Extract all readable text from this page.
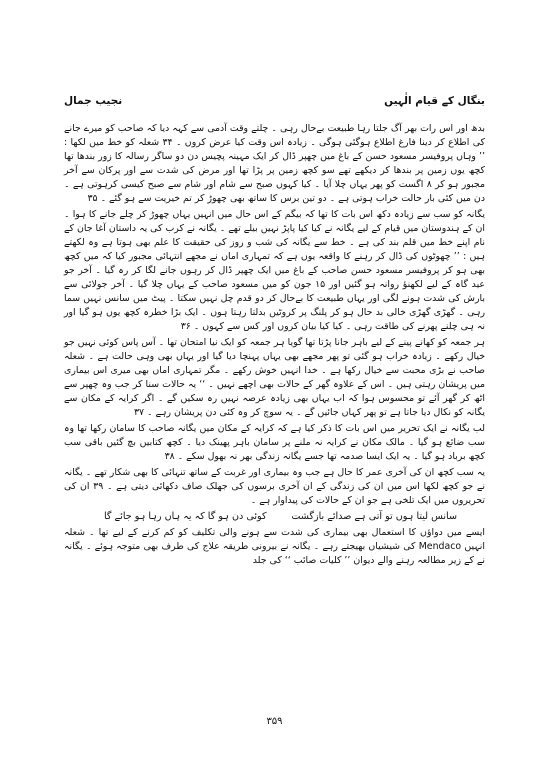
بنگال کے قیام الٰہیں
نجیب جمال

بدھ اور اس رات بھر آگ جلتا رہا طبیعت بےحال رہی ۔ چلتے وقت آدمی سے کہہ دیا کہ صاحب کو میرے جانے کی اطلاع کر دینا فارغ اطلاع ہوگئی ہوگی ۔ زیادہ اس وقت کیا عرض کروں ۔ ۳۴ شعلہ کو خط میں لکھا : ’’ وہاں پروفیسر مسعود حسن کے باغ میں چھپر ڈال کر ایک مہینہ پچیس دن دو ساگر رسالہ کا زور بندھا تھا کچھ یوں زمین پر بندھا کر دیکھے تھے سو کچھ زمین پر پڑا تھا اور مرض کی شدت سے اور پرکان سے آخر مجبور ہو کر ۸ اگست کو پھر یہاں چلا آیا ۔ کیا کہوں صبح سے شام اور شام سے صبح کیسی کرہوتی ہے ۔ دن میں کئی بار حالت خراب ہوتی ہے ۔ دو تین برس کا ساتھ بھی چھوڑ کر تم خیریت سے ہو گئے ۔ ۳۵

یگانہ کو سب سے زیادہ دکھ اس بات کا تھا کہ بیگم کے اس حال میں انہیں یہاں چھوڑ کر چلے جانے کا ہوا ۔ ان کے ہندوستان میں قیام کے لیے یگانہ نے کیا کیا پاپڑ نہیں بیلے تھے ۔ یگانہ نے کرب کی یہ داستان آغا جان کے نام اپنے خط میں قلم بند کی ہے ۔ خط سے یگانہ کی شب و روز کی حقیقت کا علم بھی ہوتا ہے وہ لکھتے ہیں : ’’ چھوٹوں کی ڈال کر رہنے کا واقعہ یوں ہے کہ تمہاری اماں نے مجھے انتہائی مجبور کیا کہ میں کچھ بھی ہو کر پروفیسر مسعود حسن صاحب کے باغ میں ایک چھپر ڈال کر رہوں جانے لگا کر رہ گیا ۔ آخر جو عید گاہ کے لیے لکھنؤ روانہ ہو گئیں اور ۱۵ جون کو میں مسعود صاحب کے یہاں چلا گیا ۔ آخر جولائی سے بارش کی شدت ہونے لگی اور یہاں طبیعت کا بےحال کر دو قدم چل نہیں سکتا ۔ پیٹ میں سانس نہیں سما رہی ۔ گھڑی گھڑی خالی بد حال ہو کر پلنگ پر کروٹیں بدلتا رہتا ہوں ۔ ایک بڑا خطرہ کچھ یوں ہو گیا اور نہ ہی چلنے پھرنے کی طاقت رہی ۔ کیا کیا بیان کروں اور کس سے کہوں ۔ ۳۶

ہر جمعہ کو کھانے پینے کے لیے باہر جانا پڑتا تھا گویا ہر جمعہ کو ایک نیا امتحان تھا ۔ آس پاس کوئی نہیں جو خیال رکھے ۔ زیادہ خراب ہو گئی تو پھر مجھے بھی یہاں پہنچا دیا گیا اور یہاں بھی وہی حالت ہے ۔ شعلہ صاحب نے بڑی محبت سے خیال رکھا ہے ۔ خدا انہیں خوش رکھے ۔ مگر تمہاری اماں بھی میری اس بیماری میں پریشان رہتی ہیں ۔ اس کے علاوہ گھر کے حالات بھی اچھے نہیں ۔ ‘‘ یہ حالات سنا کر جب وہ چھپر سے اٹھ کر گھر آئے تو محسوس ہوا کہ اب یہاں بھی زیادہ عرصہ نہیں رہ سکیں گے ۔ اگر کرایہ کے مکان سے یگانہ کو نکال دیا جاتا ہے تو پھر کہاں جائیں گے ۔ یہ سوچ کر وہ کئی دن پریشان رہے ۔ ۳۷

لب یگانہ نے ایک تحریر میں اس بات کا ذکر کیا ہے کہ کرایہ کے مکان میں یگانہ صاحب کا سامان رکھا تھا وہ سب ضائع ہو گیا ۔ مالک مکان نے کرایہ نہ ملنے پر سامان باہر پھینک دیا ۔ کچھ کتابیں بچ گئیں باقی سب کچھ برباد ہو گیا ۔ یہ ایک ایسا صدمہ تھا جسے یگانہ زندگی بھر نہ بھول سکے ۔ ۳۸

یہ سب کچھ ان کی آخری عمر کا حال ہے جب وہ بیماری اور غربت کے ساتھ تنہائی کا بھی شکار تھے ۔ یگانہ نے جو کچھ لکھا اس میں ان کی زندگی کے ان آخری برسوں کی جھلک صاف دکھائی دیتی ہے ۔ ۳۹ ان کی تحریروں میں ایک تلخی ہے جو ان کے حالات کی پیداوار ہے ۔

سانس لیتا ہوں تو آتی ہے صدائے بازگشت
کوئی دن ہو گا کہ یہ ہاں رہا ہو جائے گا

ایسے میں دواؤں کا استعمال بھی بیماری کی شدت سے ہونے والی تکلیف کو کم کرنے کے لیے تھا ۔ شعلہ انہیں Mendaco کی شیشیاں بھیجتے رہے ۔ یگانہ نے بیرونی طریقہ علاج کی طرف بھی متوجہ ہوئے ۔ یگانہ نے کے زیر مطالعہ رہنے والے دیوان ’’ کلیات صائب ‘‘ کی جلد

۳۵۹
